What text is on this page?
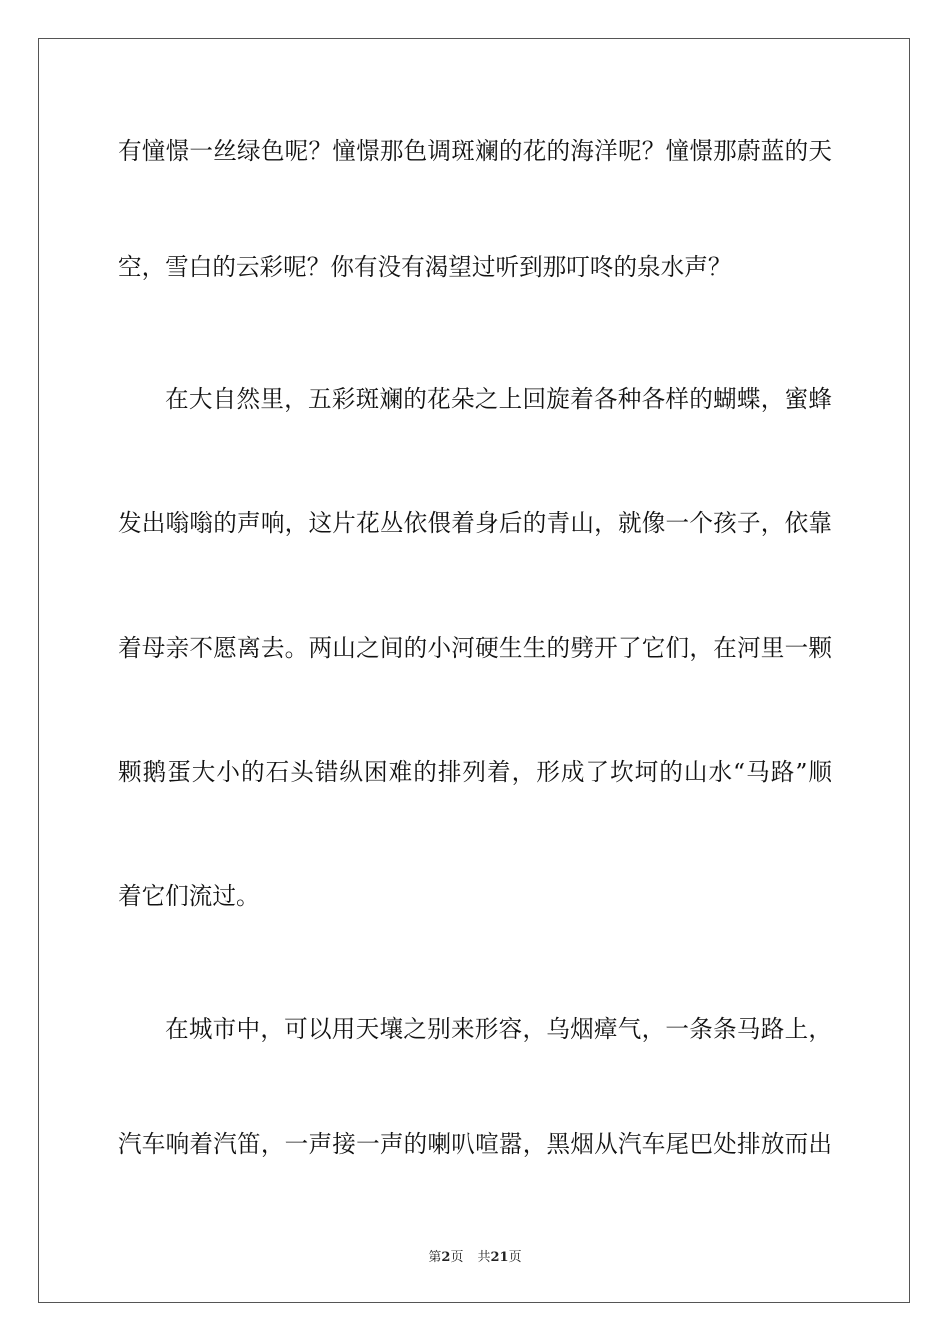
有憧憬一丝绿色呢？憧憬那色调斑斓的花的海洋呢？憧憬那蔚蓝的天
空，雪白的云彩呢？你有没有渴望过听到那叮咚的泉水声？
在大自然里，五彩斑斓的花朵之上回旋着各种各样的蝴蝶，蜜蜂
发出嗡嗡的声响，这片花丛依偎着身后的青山，就像一个孩子，依靠
着母亲不愿离去。两山之间的小河硬生生的劈开了它们，在河里一颗
颗鹅蛋大小的石头错纵困难的排列着，形成了坎坷的山水“马路”顺
着它们流过。
在城市中，可以用天壤之别来形容，乌烟瘴气，一条条马路上，
汽车响着汽笛，一声接一声的喇叭喧嚣，黑烟从汽车尾巴处排放而出
第2页 共21页
